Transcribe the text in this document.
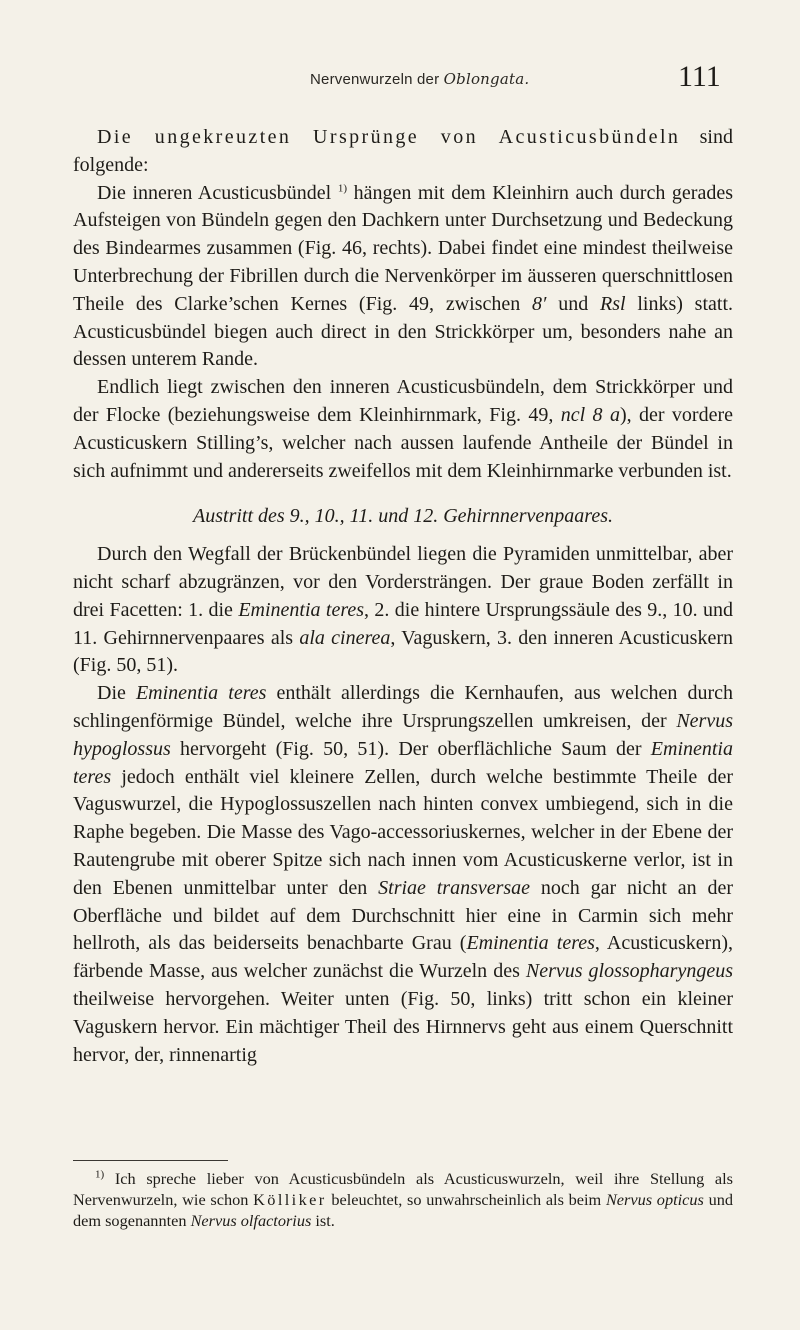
Nervenwurzeln der Oblongata.	111

Die ungekreuzten Ursprünge von Acusticusbündeln sind folgende:

Die inneren Acusticusbündel $^{1)}$ hängen mit dem Kleinhirn auch durch gerades Aufsteigen von Bündeln gegen den Dachkern unter Durchsetzung und Bedeckung des Bindearmes zusammen (Fig. 46, rechts). Dabei findet eine mindest theilweise Unterbrechung der Fibrillen durch die Nervenkörper im äusseren querschnittlosen Theile des Clarke’schen Kernes (Fig. 49, zwischen 8′ und Rsl links) statt. Acusticusbündel biegen auch direct in den Strickkörper um, besonders nahe an dessen unterem Rande.

Endlich liegt zwischen den inneren Acusticusbündeln, dem Strickkörper und der Flocke (beziehungsweise dem Kleinhirnmark, Fig. 49, ncl 8 a), der vordere Acusticuskern Stilling’s, welcher nach aussen laufende Antheile der Bündel in sich aufnimmt und andererseits zweifellos mit dem Kleinhirnmarke verbunden ist.

Austritt des 9., 10., 11. und 12. Gehirnnervenpaares.

Durch den Wegfall der Brückenbündel liegen die Pyramiden unmittelbar, aber nicht scharf abzugränzen, vor den Vordersträngen. Der graue Boden zerfällt in drei Facetten: 1. die Eminentia teres, 2. die hintere Ursprungssäule des 9., 10. und 11. Gehirnnervenpaares als ala cinerea, Vaguskern, 3. den inneren Acusticuskern (Fig. 50, 51).

Die Eminentia teres enthält allerdings die Kernhaufen, aus welchen durch schlingenförmige Bündel, welche ihre Ursprungszellen umkreisen, der Nervus hypoglossus hervorgeht (Fig. 50, 51). Der oberflächliche Saum der Eminentia teres jedoch enthält viel kleinere Zellen, durch welche bestimmte Theile der Vaguswurzel, die Hypoglossuszellen nach hinten convex umbiegend, sich in die Raphe begeben. Die Masse des Vago-accessoriuskernes, welcher in der Ebene der Rautengrube mit oberer Spitze sich nach innen vom Acusticuskerne verlor, ist in den Ebenen unmittelbar unter den Striae transversae noch gar nicht an der Oberfläche und bildet auf dem Durchschnitt hier eine in Carmin sich mehr hellroth, als das beiderseits benachbarte Grau (Eminentia teres, Acusticuskern), färbende Masse, aus welcher zunächst die Wurzeln des Nervus glossopharyngeus theilweise hervorgehen. Weiter unten (Fig. 50, links) tritt schon ein kleiner Vaguskern hervor. Ein mächtiger Theil des Hirnnervs geht aus einem Querschnitt hervor, der, rinnenartig

$^{1)}$ Ich spreche lieber von Acusticusbündeln als Acusticuswurzeln, weil ihre Stellung als Nervenwurzeln, wie schon Kölliker beleuchtet, so unwahrscheinlich als beim Nervus opticus und dem sogenannten Nervus olfactorius ist.
